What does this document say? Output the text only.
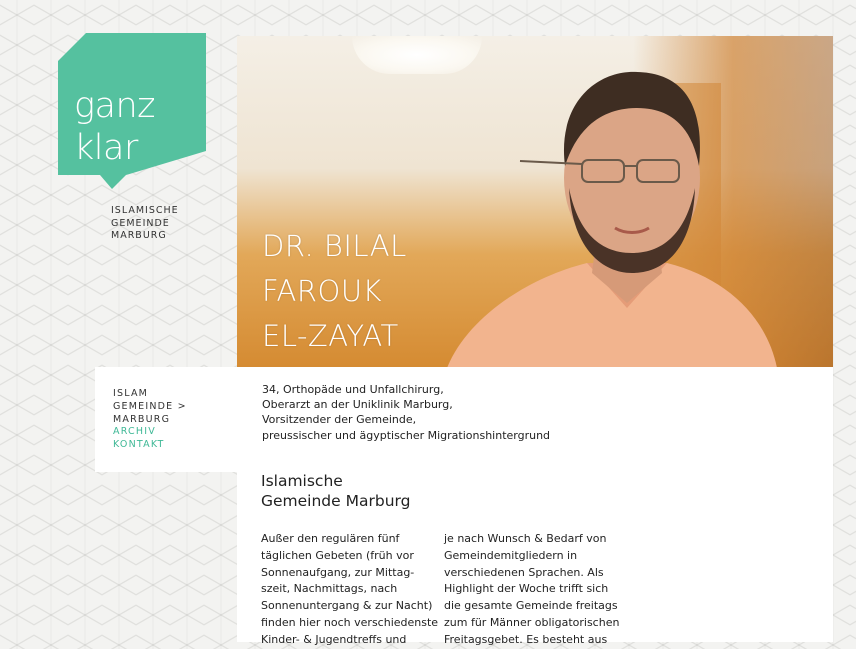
ganz
klar
ISLAMISCHE
GEMEINDE
MARBURG	DR. BILAL
FAROUK
EL-ZAYAT
ISLAM
GEMEINDE >
MARBURG
ARCHIV
KONTAKT
34, Orthopäde und Unfallchirurg,
Oberarzt an der Uniklinik Marburg,
Vorsitzender der Gemeinde,
preussischer und ägyptischer Migrationshintergrund
Islamische
Gemeinde Marburg
Außer den regulären fünf
täglichen Gebeten (früh vor
Sonnenaufgang, zur Mittag-
szeit, Nachmittags, nach
Sonnenuntergang & zur Nacht)
finden hier noch verschiedenste
Kinder- & Jugendtreffs und
je nach Wunsch & Bedarf von
Gemeindemitgliedern in
verschiedenen Sprachen. Als
Highlight der Woche trifft sich
die gesamte Gemeinde freitags
zum für Männer obligatorischen
Freitagsgebet. Es besteht aus
